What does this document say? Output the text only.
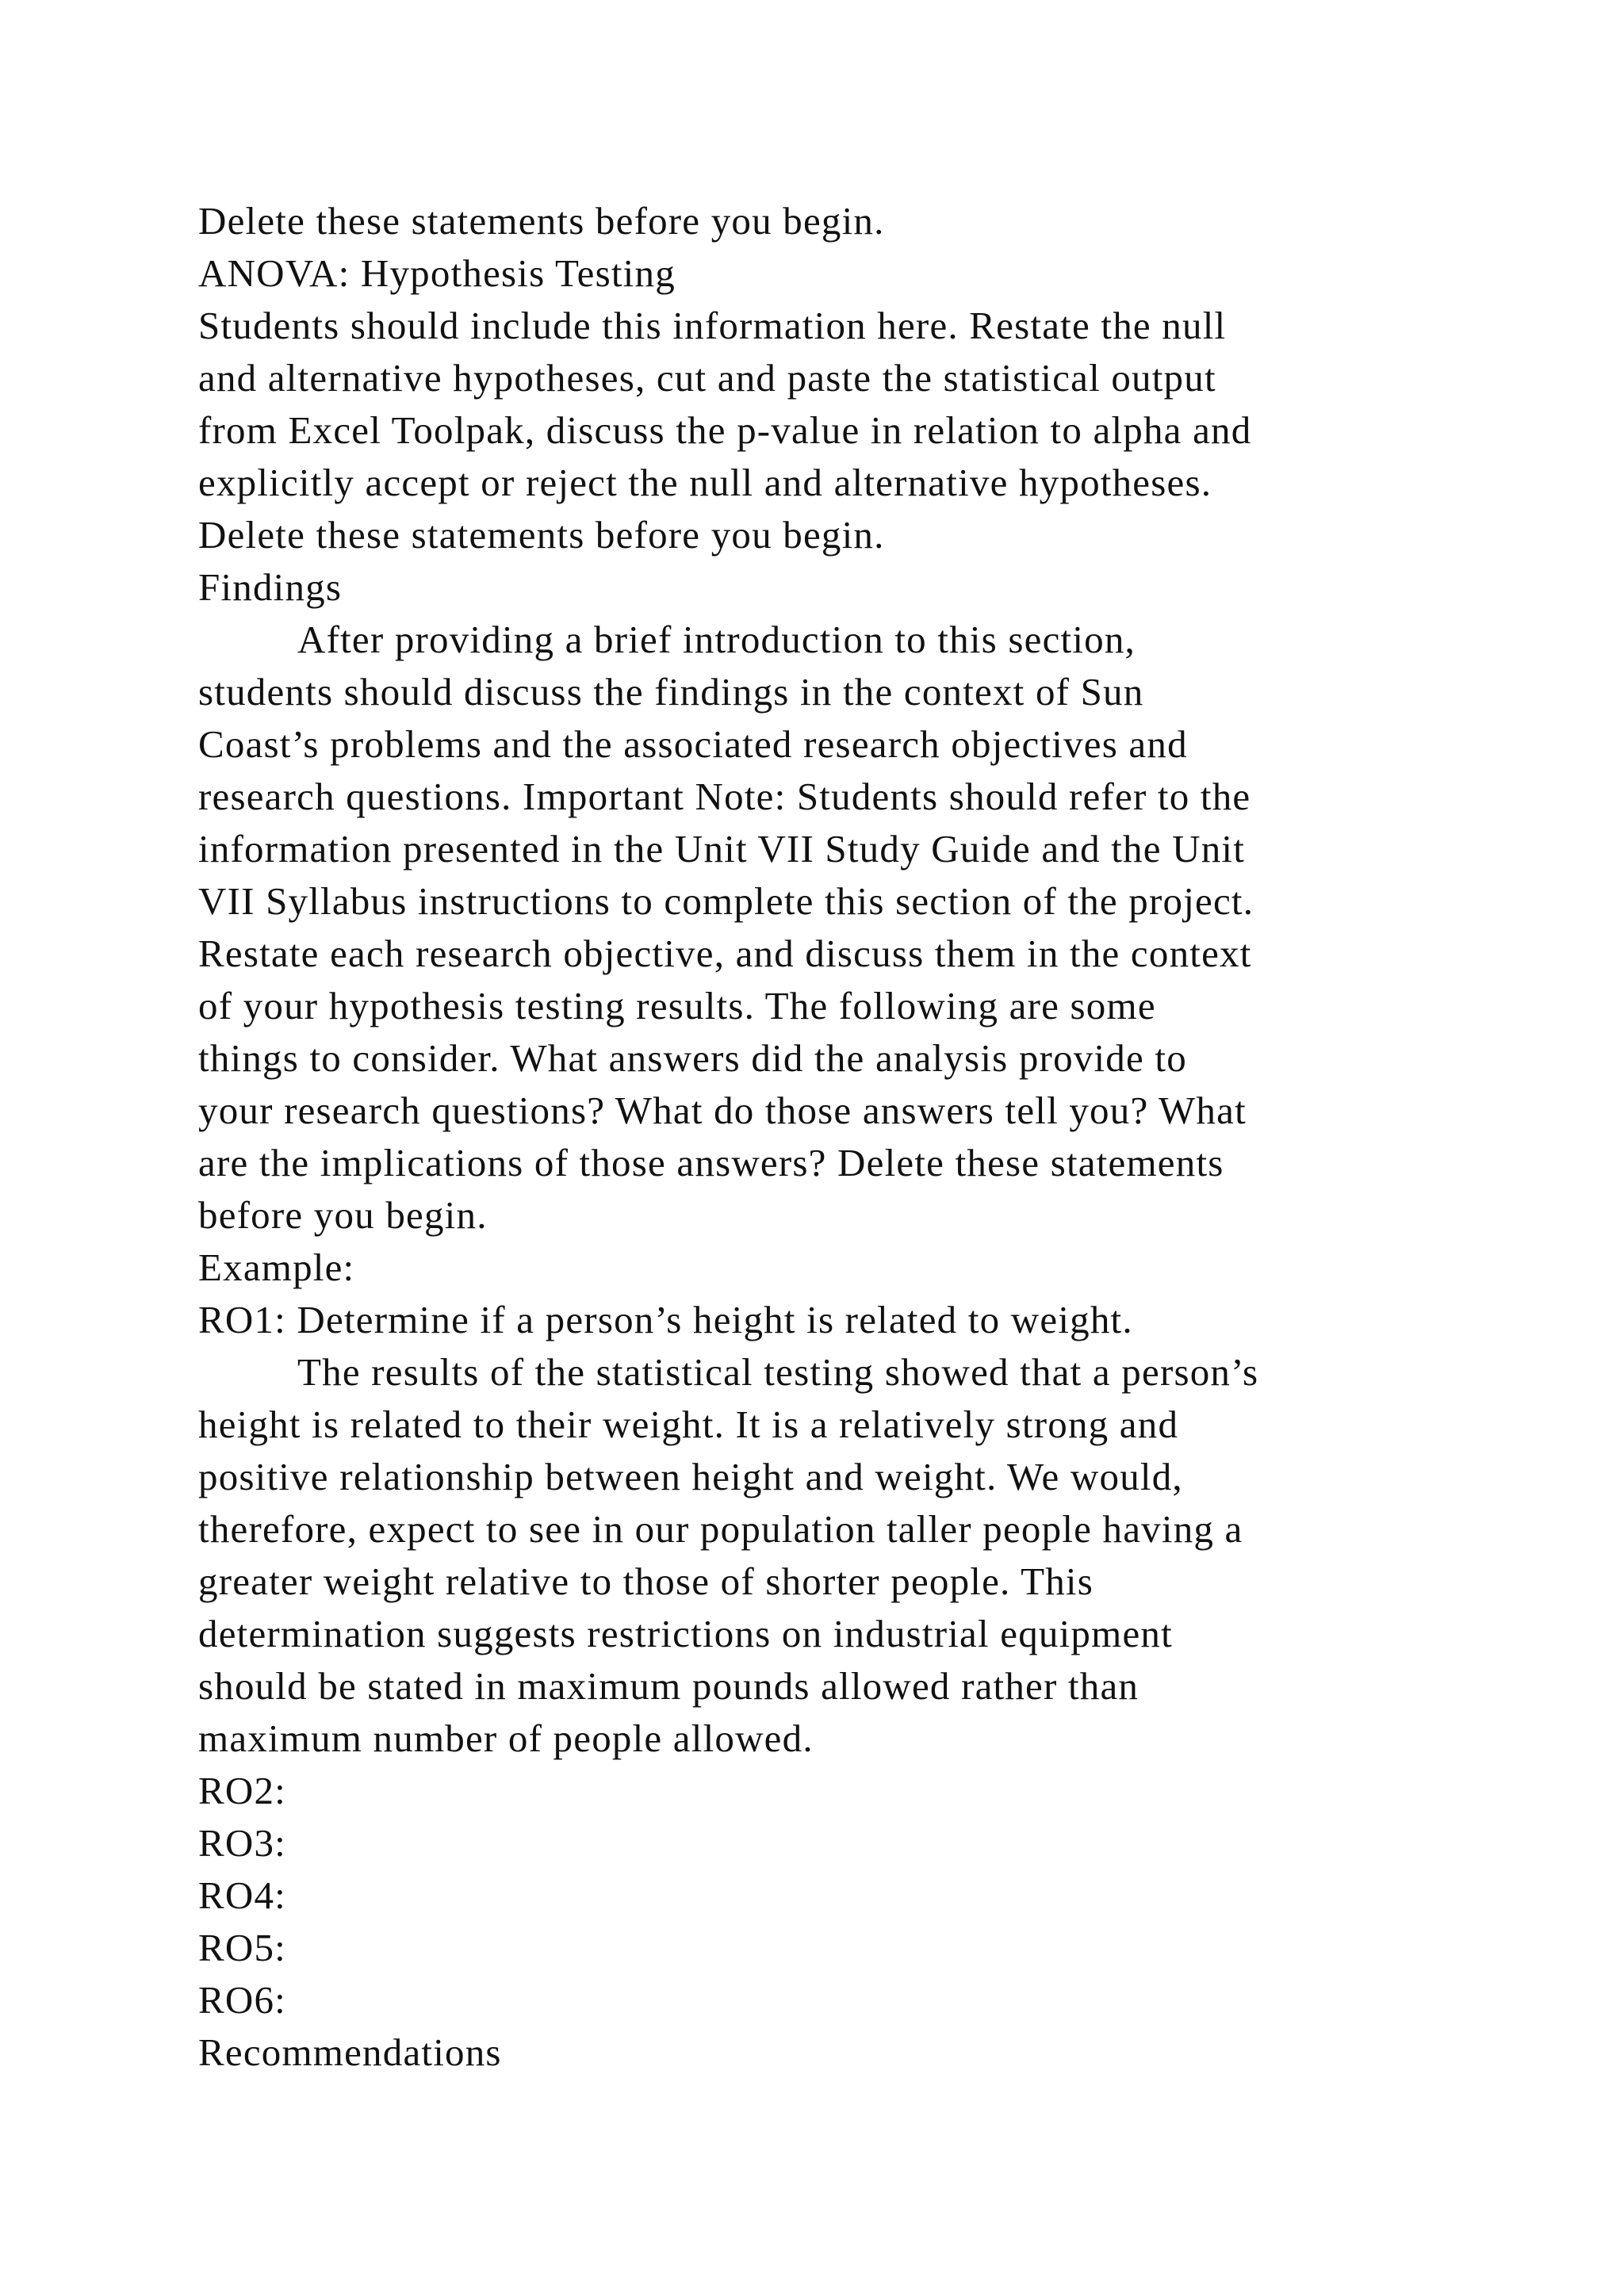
Delete these statements before you begin.
ANOVA: Hypothesis Testing
Students should include this information here. Restate the null
and alternative hypotheses, cut and paste the statistical output
from Excel Toolpak, discuss the p-value in relation to alpha and
explicitly accept or reject the null and alternative hypotheses.
Delete these statements before you begin.
Findings
After providing a brief introduction to this section,
students should discuss the findings in the context of Sun
Coast’s problems and the associated research objectives and
research questions. Important Note: Students should refer to the
information presented in the Unit VII Study Guide and the Unit
VII Syllabus instructions to complete this section of the project.
Restate each research objective, and discuss them in the context
of your hypothesis testing results. The following are some
things to consider. What answers did the analysis provide to
your research questions? What do those answers tell you? What
are the implications of those answers? Delete these statements
before you begin.
Example:
RO1: Determine if a person’s height is related to weight.
The results of the statistical testing showed that a person’s
height is related to their weight. It is a relatively strong and
positive relationship between height and weight. We would,
therefore, expect to see in our population taller people having a
greater weight relative to those of shorter people. This
determination suggests restrictions on industrial equipment
should be stated in maximum pounds allowed rather than
maximum number of people allowed.
RO2:
RO3:
RO4:
RO5:
RO6:
Recommendations
